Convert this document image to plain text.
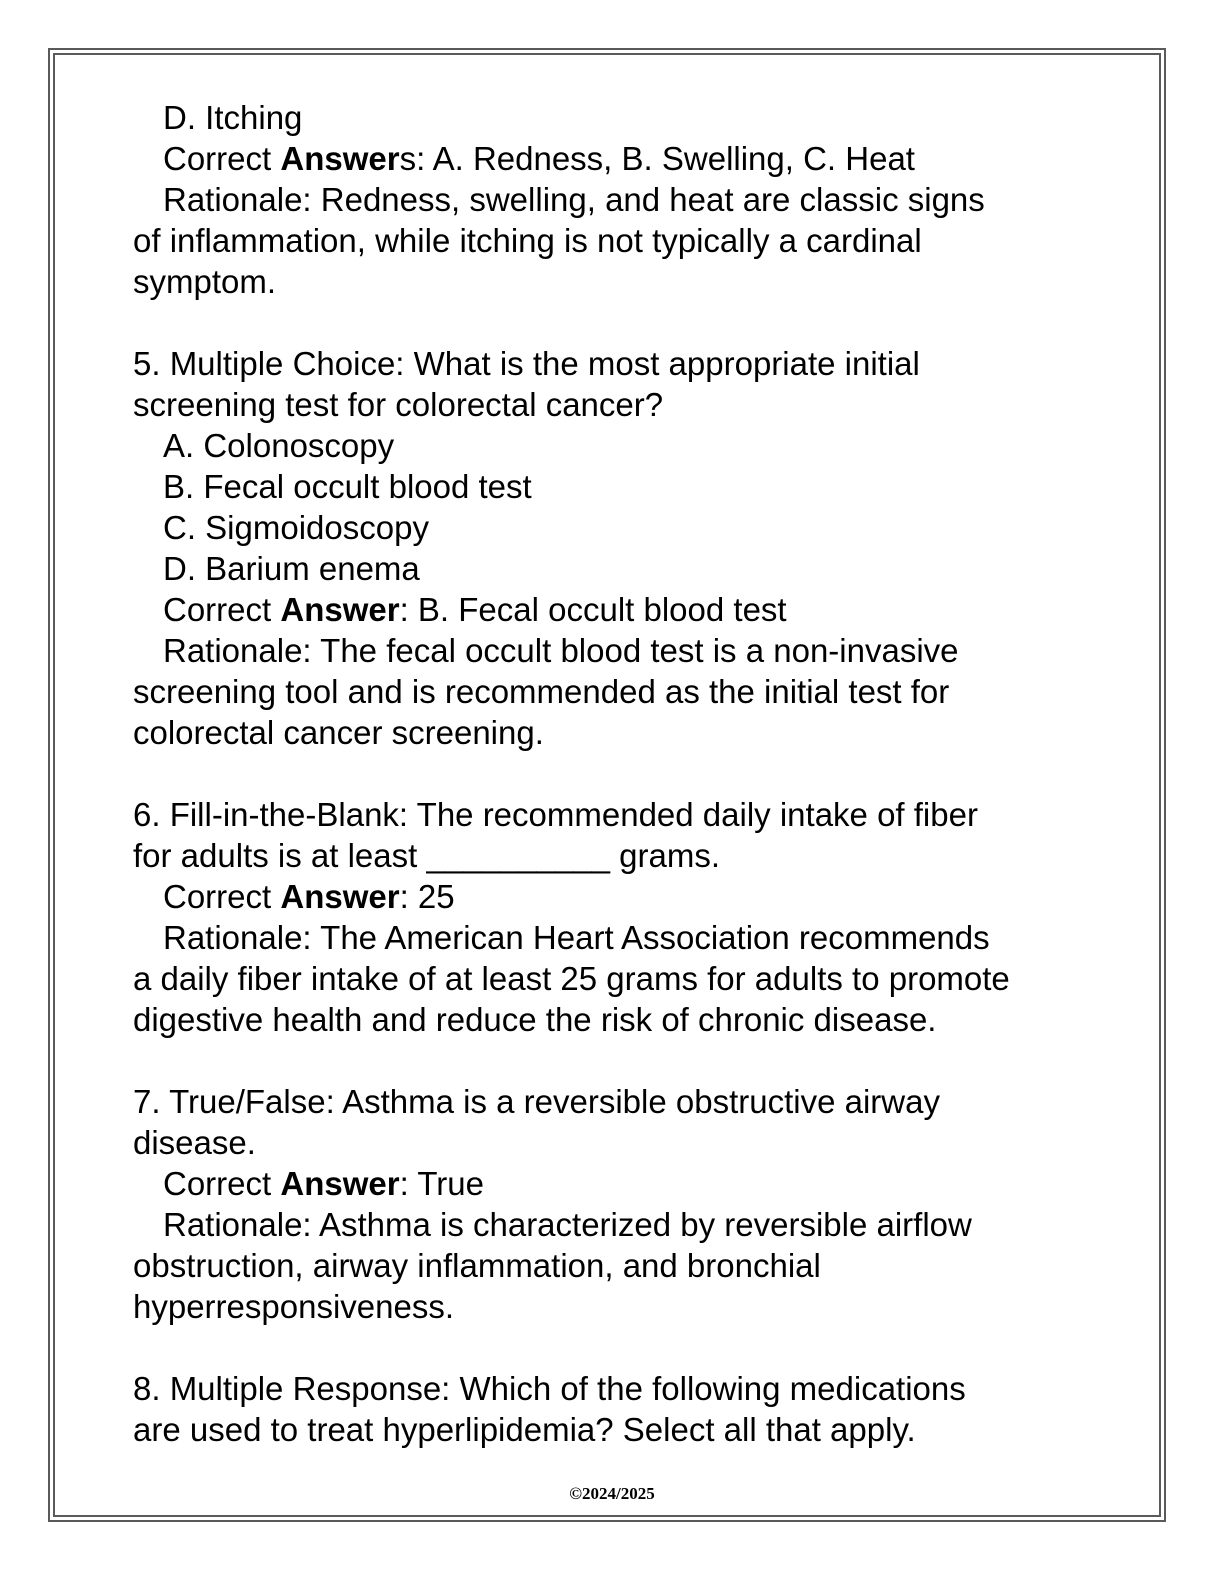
D. Itching

Correct Answers: A. Redness, B. Swelling, C. Heat

Rationale: Redness, swelling, and heat are classic signs

of inflammation, while itching is not typically a cardinal

symptom.

5. Multiple Choice: What is the most appropriate initial

screening test for colorectal cancer?

A. Colonoscopy

B. Fecal occult blood test

C. Sigmoidoscopy

D. Barium enema

Correct Answer: B. Fecal occult blood test

Rationale: The fecal occult blood test is a non-invasive

screening tool and is recommended as the initial test for

colorectal cancer screening.

6. Fill-in-the-Blank: The recommended daily intake of fiber

for adults is at least __________ grams.

Correct Answer: 25

Rationale: The American Heart Association recommends

a daily fiber intake of at least 25 grams for adults to promote

digestive health and reduce the risk of chronic disease.

7. True/False: Asthma is a reversible obstructive airway

disease.

Correct Answer: True

Rationale: Asthma is characterized by reversible airflow

obstruction, airway inflammation, and bronchial

hyperresponsiveness.

8. Multiple Response: Which of the following medications

are used to treat hyperlipidemia? Select all that apply.

©2024/2025
